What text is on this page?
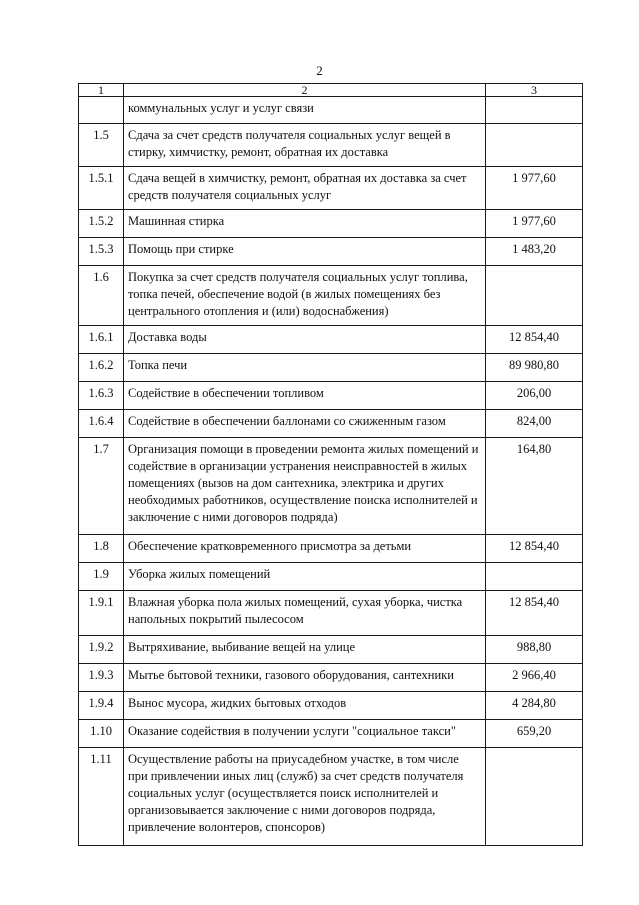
2
1	2	3
	коммунальных услуг и услуг связи	
1.5	Сдача за счет средств получателя социальных услуг вещей в стирку, химчистку, ремонт, обратная их доставка	
1.5.1	Сдача вещей в химчистку, ремонт, обратная их доставка за счет средств получателя социальных услуг	1 977,60
1.5.2	Машинная стирка	1 977,60
1.5.3	Помощь при стирке	1 483,20
1.6	Покупка за счет средств получателя социальных услуг топлива, топка печей, обеспечение водой (в жилых помещениях без центрального отопления и (или) водоснабжения)	
1.6.1	Доставка воды	12 854,40
1.6.2	Топка печи	89 980,80
1.6.3	Содействие в обеспечении топливом	206,00
1.6.4	Содействие в обеспечении баллонами со сжиженным газом	824,00
1.7	Организация помощи в проведении ремонта жилых помещений и содействие в организации устранения неисправностей в жилых помещениях (вызов на дом сантехника, электрика и других необходимых работников, осуществление поиска исполнителей и заключение с ними договоров подряда)	164,80
1.8	Обеспечение кратковременного присмотра за детьми	12 854,40
1.9	Уборка жилых помещений	
1.9.1	Влажная уборка пола жилых помещений, сухая уборка, чистка напольных покрытий пылесосом	12 854,40
1.9.2	Вытряхивание, выбивание вещей на улице	988,80
1.9.3	Мытье бытовой техники, газового оборудования, сантехники	2 966,40
1.9.4	Вынос мусора, жидких бытовых отходов	4 284,80
1.10	Оказание содействия в получении услуги "социальное такси"	659,20
1.11	Осуществление работы на приусадебном участке, в том числе при привлечении иных лиц (служб) за счет средств получателя социальных услуг (осуществляется поиск исполнителей и организовывается заключение с ними договоров подряда, привлечение волонтеров, спонсоров)	
